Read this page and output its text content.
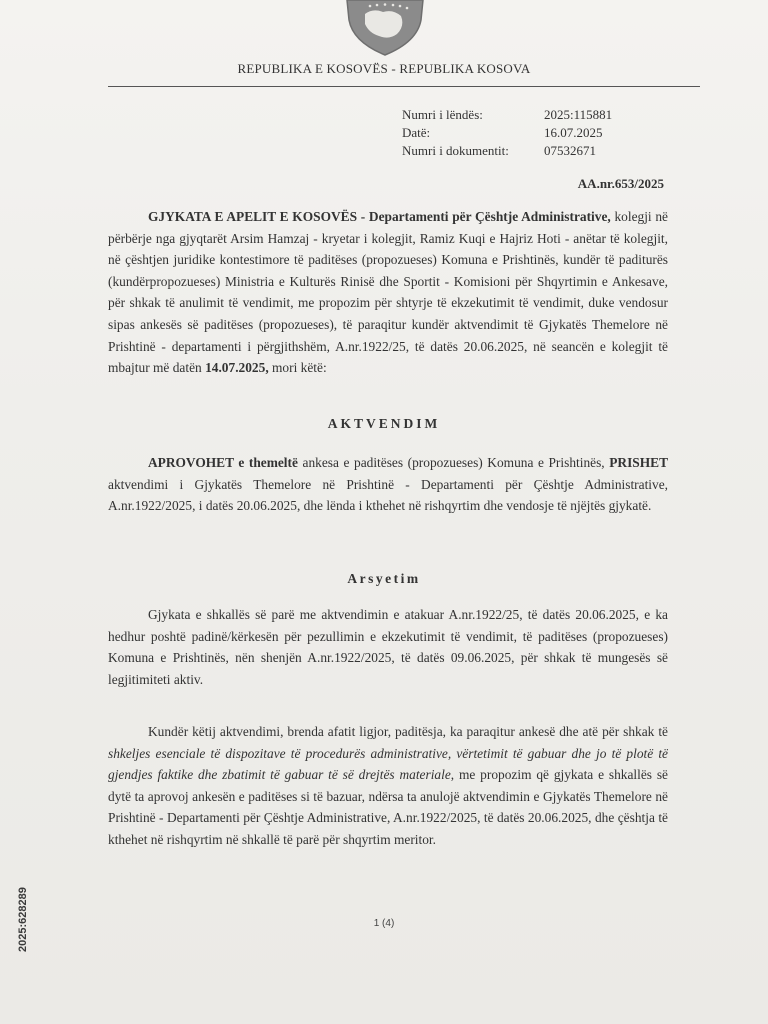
REPUBLIKA E KOSOVËS - REPUBLIKA KOSOVA
Numri i lëndës:	2025:115881
Datë:	16.07.2025
Numri i dokumentit:	07532671
AA.nr.653/2025
GJYKATA E APELIT E KOSOVËS - Departamenti për Çështje Administrative, kolegji në përbërje nga gjyqtarët Arsim Hamzaj - kryetar i kolegjit, Ramiz Kuqi e Hajriz Hoti - anëtar të kolegjit, në çështjen juridike kontestimore të paditëses (propozueses) Komuna e Prishtinës, kundër të paditurës (kundërpropozueses) Ministria e Kulturës Rinisë dhe Sportit - Komisioni për Shqyrtimin e Ankesave, për shkak të anulimit të vendimit, me propozim për shtyrje të ekzekutimit të vendimit, duke vendosur sipas ankesës së paditëses (propozueses), të paraqitur kundër aktvendimit të Gjykatës Themelore në Prishtinë - departamenti i përgjithshëm, A.nr.1922/25, të datës 20.06.2025, në seancën e kolegjit të mbajtur më datën 14.07.2025, mori këtë:
AKTVENDIM
APROVOHET e themeltë ankesa e paditëses (propozueses) Komuna e Prishtinës, PRISHET aktvendimi i Gjykatës Themelore në Prishtinë - Departamenti për Çështje Administrative, A.nr.1922/2025, i datës 20.06.2025, dhe lënda i kthehet në rishqyrtim dhe vendosje të njëjtës gjykatë.
Arsyetim
Gjykata e shkallës së parë me aktvendimin e atakuar A.nr.1922/25, të datës 20.06.2025, e ka hedhur poshtë padinë/kërkesën për pezullimin e ekzekutimit të vendimit, të paditëses (propozueses) Komuna e Prishtinës, nën shenjën A.nr.1922/2025, të datës 09.06.2025, për shkak të mungesës së legjitimiteti aktiv.
Kundër këtij aktvendimi, brenda afatit ligjor, paditësja, ka paraqitur ankesë dhe atë për shkak të shkeljes esenciale të dispozitave të procedurës administrative, vërtetimit të gabuar dhe jo të plotë të gjendjes faktike dhe zbatimit të gabuar të së drejtës materiale, me propozim që gjykata e shkallës së dytë ta aprovoj ankesën e paditëses si të bazuar, ndërsa ta anulojë aktvendimin e Gjykatës Themelore në Prishtinë - Departamenti për Çështje Administrative, A.nr.1922/2025, të datës 20.06.2025, dhe çështja të kthehet në rishqyrtim në shkallë të parë për shqyrtim meritor.
1 (4)
2025:628289
